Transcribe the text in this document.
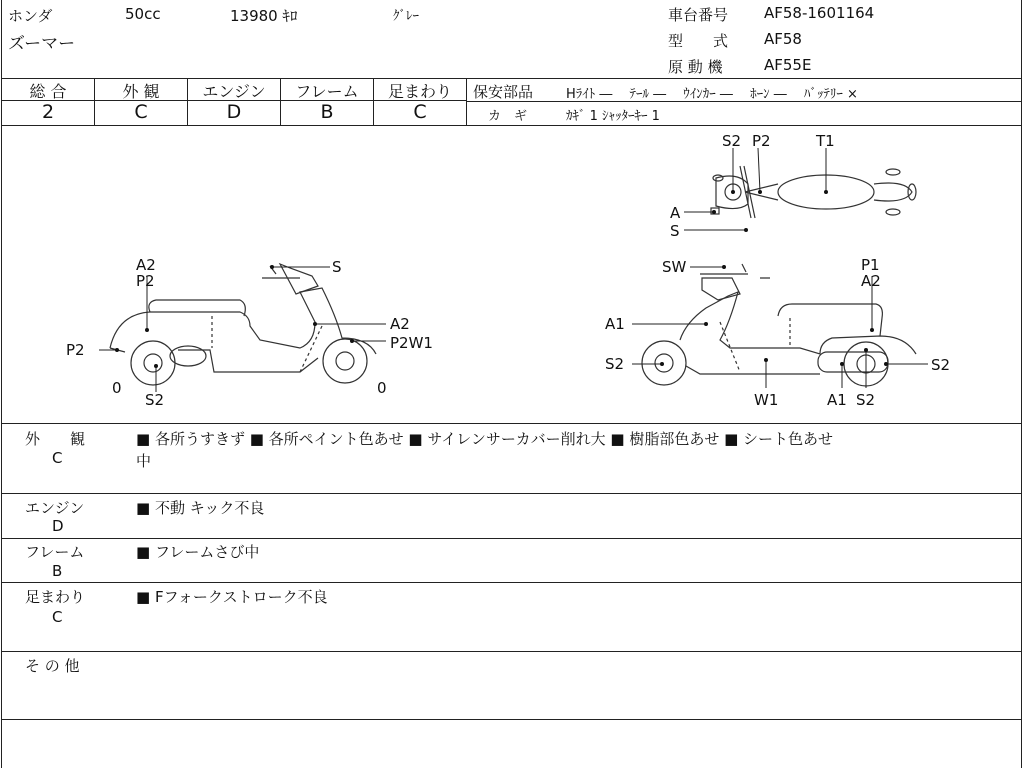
ホンダ	50cc	13980 ｷﾛ	ｸﾞﾚｰ
ズーマー
車台番号 AF58-1601164
型　　式 AF58
原 動 機	AF55E
総 合	外 観	エンジン	フレーム	足まわり
2	C	D	B	C
保安部品	Hﾗｲﾄ ―　 ﾃｰﾙ ―　 ｳｲﾝｶｰ ―　 ﾎｰﾝ ―　 ﾊﾞｯﾃﾘｰ ×
カ　ギ	ｶｷﾞ 1 ｼｬｯﾀｰｷｰ 1
S2 P2	T1
A
S
A2
P2
S
A2
P2W1
P2
0
S2
0
SW	P1
A2
A1
S2	S2
W1	A1 S2
外　　観
C
■ 各所うすきず ■ 各所ペイント色あせ ■ サイレンサーカバー削れ大 ■ 樹脂部色あせ ■ シート色あせ
中
エンジン
D
■ 不動 キック不良
フレーム
B
■ フレームさび中
足まわり
C
■ Fフォークストローク不良
そ の 他
